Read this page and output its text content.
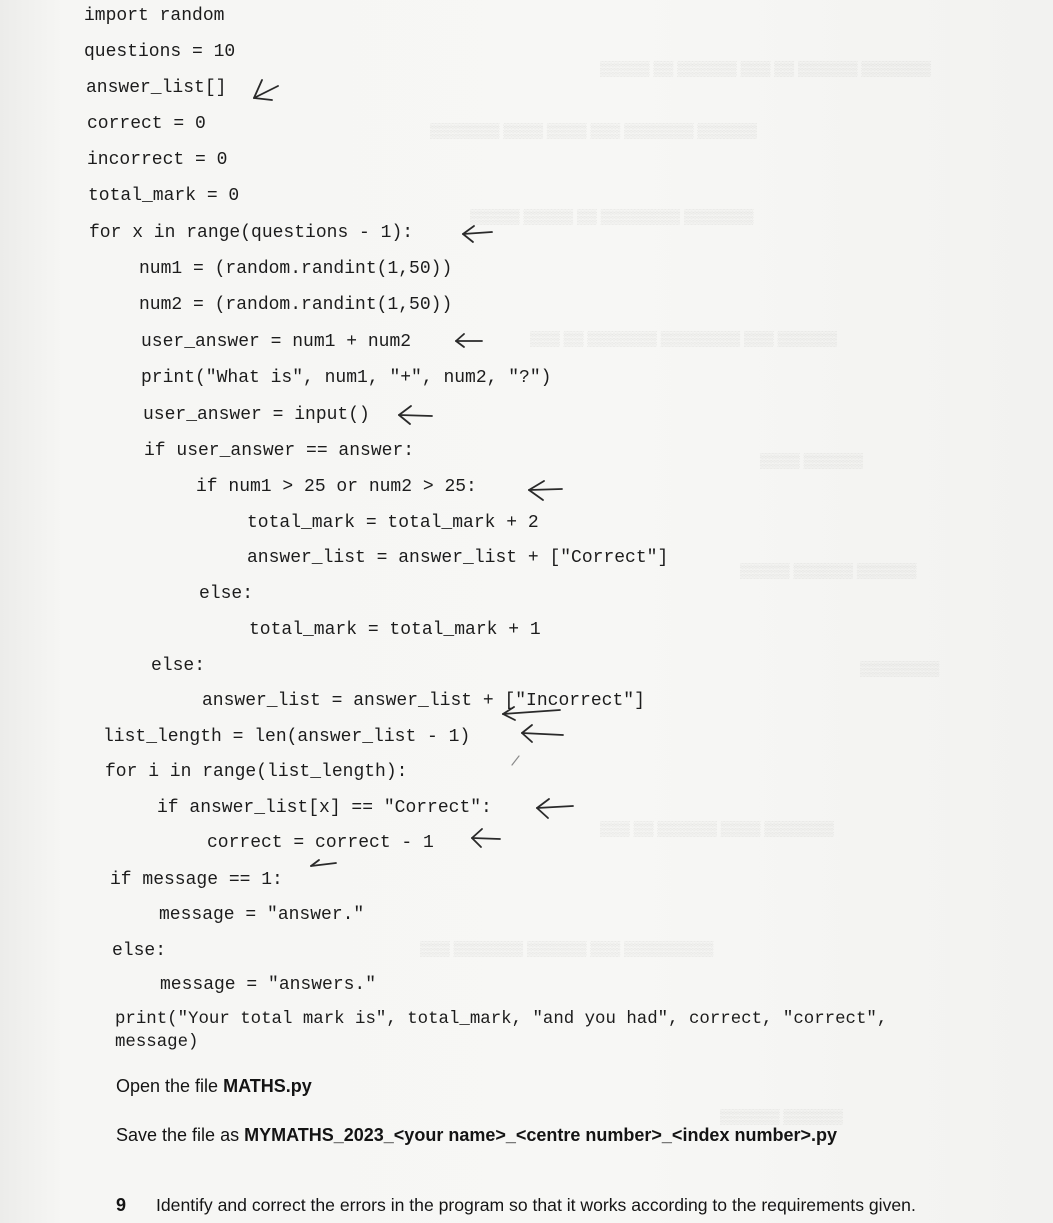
▒▒▒▒▒ ▒▒ ▒▒▒▒▒▒ ▒▒▒ ▒▒ ▒▒▒▒▒▒ ▒▒▒▒▒▒▒
▒▒▒▒▒▒▒ ▒▒▒▒ ▒▒▒▒ ▒▒▒ ▒▒▒▒▒▒▒ ▒▒▒▒▒▒
▒▒▒▒▒ ▒▒▒▒▒ ▒▒ ▒▒▒▒▒▒▒▒ ▒▒▒▒▒▒▒
▒▒▒ ▒▒ ▒▒▒▒▒▒▒ ▒▒▒▒▒▒▒▒ ▒▒▒ ▒▒▒▒▒▒
▒▒▒▒ ▒▒▒▒▒▒
▒▒▒▒▒ ▒▒▒▒▒▒ ▒▒▒▒▒▒
▒▒▒▒▒▒▒▒
▒▒▒ ▒▒ ▒▒▒▒▒▒ ▒▒▒▒ ▒▒▒▒▒▒▒
▒▒▒ ▒▒▒▒▒▒▒ ▒▒▒▒▒▒ ▒▒▒ ▒▒▒▒▒▒▒▒▒
▒▒▒▒▒▒ ▒▒▒▒▒▒
import random
questions = 10
answer_list[]
correct = 0
incorrect = 0
total_mark = 0
for x in range(questions - 1):
num1 = (random.randint(1,50))
num2 = (random.randint(1,50))
user_answer = num1 + num2
print("What is", num1, "+", num2, "?")
user_answer = input()
if user_answer == answer:
if num1 > 25 or num2 > 25:
total_mark = total_mark + 2
answer_list = answer_list + ["Correct"]
else:
total_mark = total_mark + 1
else:
answer_list = answer_list + ["Incorrect"]
list_length = len(answer_list - 1)
for i in range(list_length):
if answer_list[x] == "Correct":
correct = correct - 1
if message == 1:
message = "answer."
else:
message = "answers."
print("Your total mark is", total_mark, "and you had", correct, "correct",
message)
Open the file MATHS.py
Save the file as MYMATHS_2023_<your name>_<centre number>_<index number>.py
9 Identify and correct the errors in the program so that it works according to the requirements given.
